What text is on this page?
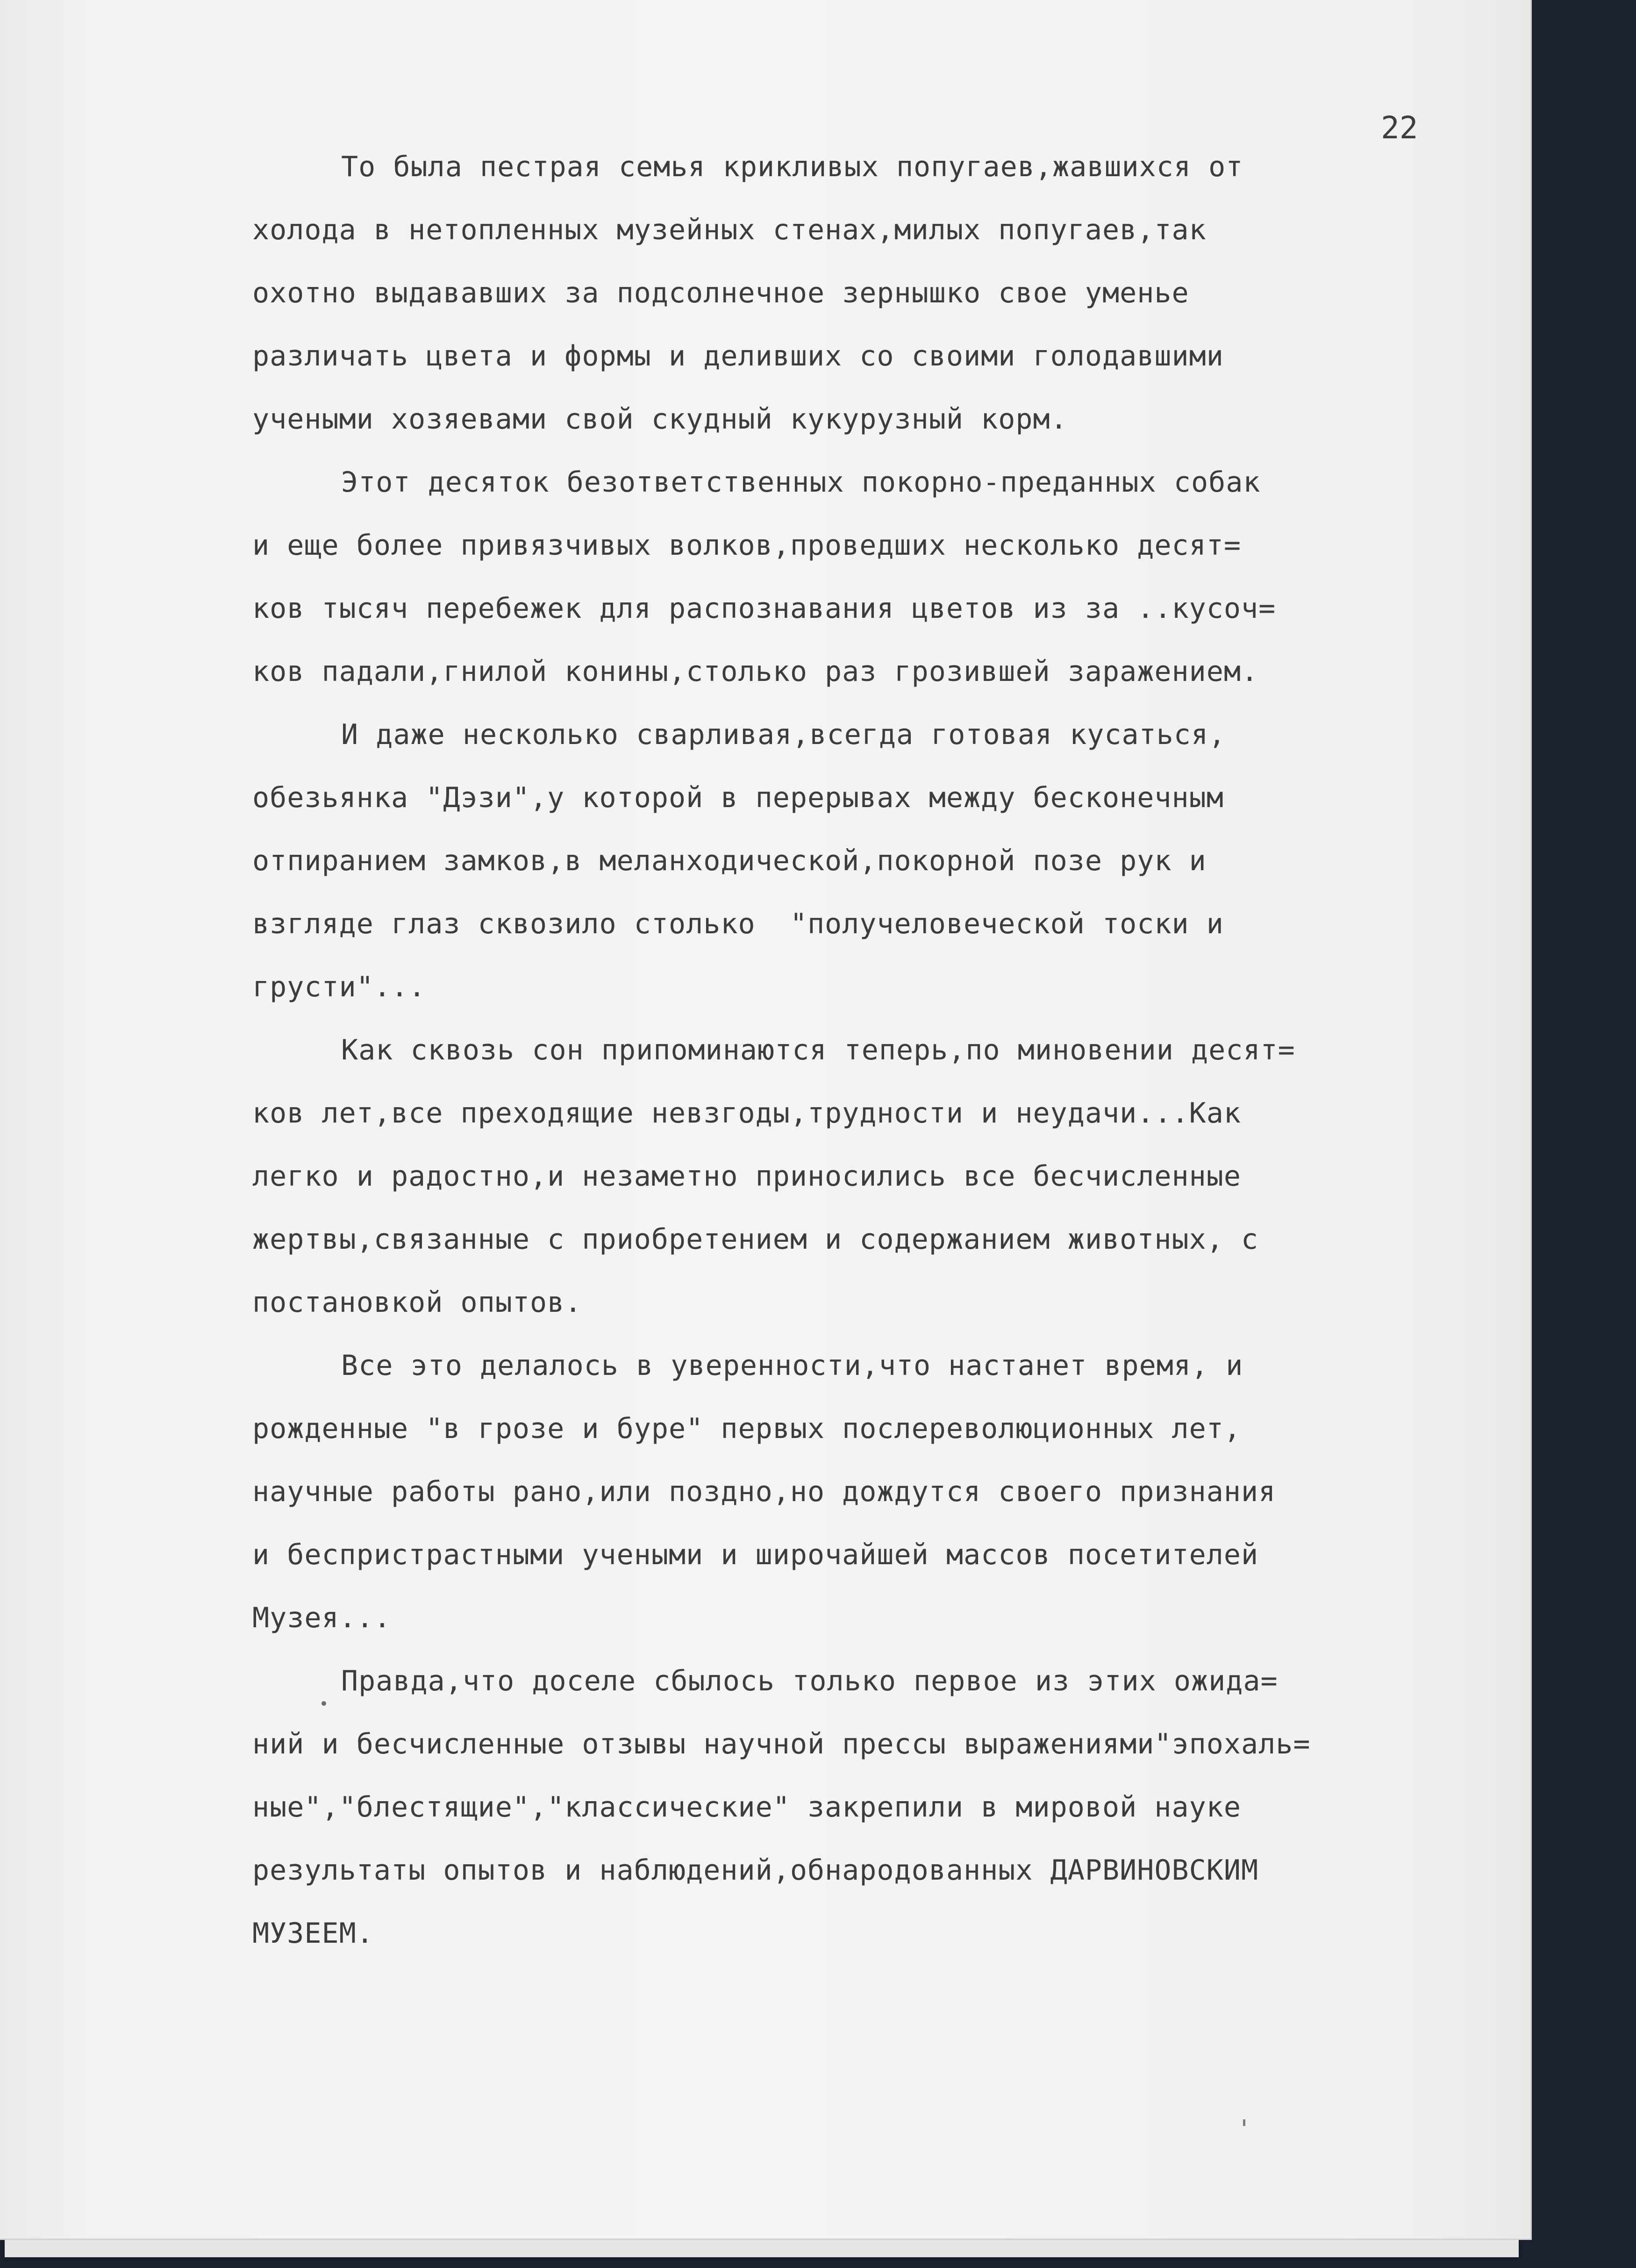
22

То была пестрая семья крикливых попугаев,жавшихся от
холода в нетопленных музейных стенах,милых попугаев,так
охотно выдававших за подсолнечное зернышко свое уменье
различать цвета и формы и деливших со своими голодавшими
учеными хозяевами свой скудный кукурузный корм.

Этот десяток безответственных покорно-преданных собак
и еще более привязчивых волков,проведших несколько десят=
ков тысяч перебежек для распознавания цветов из за ..кусоч=
ков падали,гнилой конины,столько раз грозившей заражением.

И даже несколько сварливая,всегда готовая кусаться,
обезьянка "Дэзи",у которой в перерывах между бесконечным
отпиранием замков,в меланходической,покорной позе рук и
взгляде глаз сквозило столько  "получеловеческой тоски и
грусти"...

Как сквозь сон припоминаются теперь,по миновении десят=
ков лет,все преходящие невзгоды,трудности и неудачи...Как
легко и радостно,и незаметно приносились все бесчисленные
жертвы,связанные с приобретением и содержанием животных, с
постановкой опытов.

Все это делалось в уверенности,что настанет время, и
рожденные "в грозе и буре" первых послереволюционных лет,
научные работы рано,или поздно,но дождутся своего признания
и беспристрастными учеными и широчайшей массов посетителей
Музея...

Правда,что доселе сбылось только первое из этих ожида=
ний и бесчисленные отзывы научной прессы выражениями"эпохаль=
ные","блестящие","классические" закрепили в мировой науке
результаты опытов и наблюдений,обнародованных ДАРВИНОВСКИМ
МУЗЕЕМ.
